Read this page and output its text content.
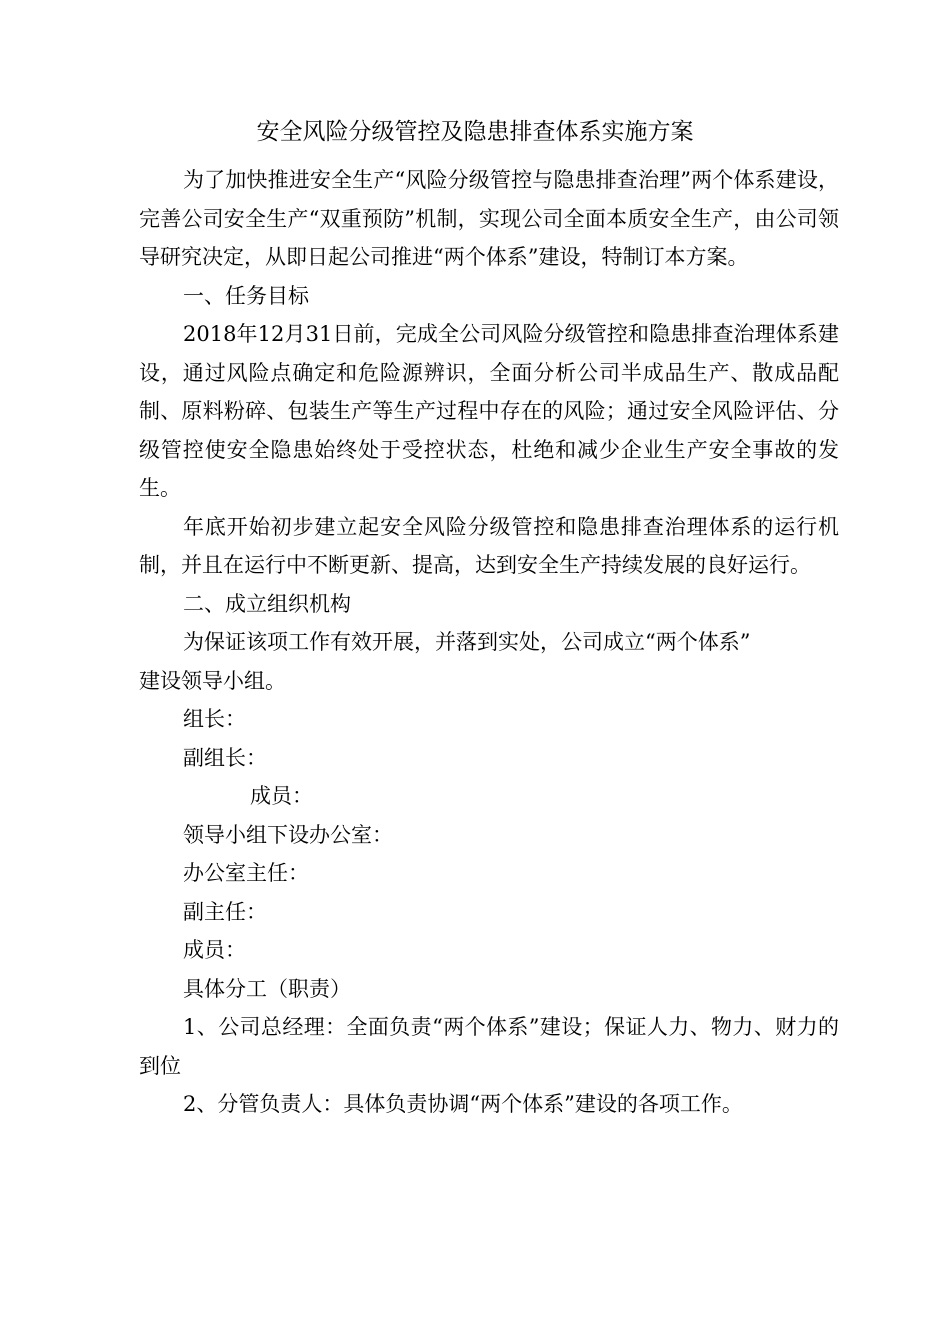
安全风险分级管控及隐患排查体系实施方案

为了加快推进安全生产“风险分级管控与隐患排查治理”两个体系建设，完善公司安全生产“双重预防”机制，实现公司全面本质安全生产，由公司领导研究决定，从即日起公司推进“两个体系”建设，特制订本方案。

一、任务目标

2018年12月31日前，完成全公司风险分级管控和隐患排查治理体系建设，通过风险点确定和危险源辨识，全面分析公司半成品生产、散成品配制、原料粉碎、包装生产等生产过程中存在的风险；通过安全风险评估、分级管控使安全隐患始终处于受控状态，杜绝和减少企业生产安全事故的发生。

年底开始初步建立起安全风险分级管控和隐患排查治理体系的运行机制，并且在运行中不断更新、提高，达到安全生产持续发展的良好运行。

二、成立组织机构

为保证该项工作有效开展，并落到实处，公司成立“两个体系”

建设领导小组。

组长：

副组长：

成员：

领导小组下设办公室：

办公室主任：

副主任：

成员：

具体分工（职责）

1、公司总经理：全面负责“两个体系”建设；保证人力、物力、财力的到位

2、分管负责人：具体负责协调“两个体系”建设的各项工作。
